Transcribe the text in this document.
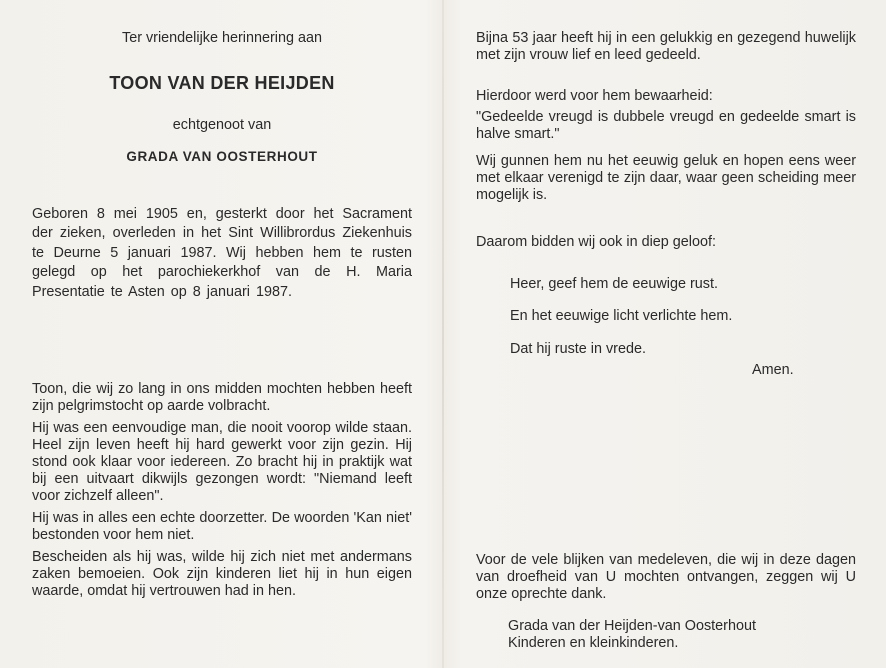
Ter vriendelijke herinnering aan
TOON VAN DER HEIJDEN
echtgenoot van
GRADA VAN OOSTERHOUT
Geboren 8 mei 1905 en, gesterkt door het Sacrament der zieken, overleden in het Sint Willibrordus Ziekenhuis te Deurne 5 januari 1987. Wij hebben hem te rusten gelegd op het parochiekerkhof van de H. Maria Presentatie te Asten op 8 januari 1987.

Toon, die wij zo lang in ons midden mochten hebben heeft zijn pelgrimstocht op aarde volbracht.

Hij was een eenvoudige man, die nooit voorop wilde staan. Heel zijn leven heeft hij hard gewerkt voor zijn gezin. Hij stond ook klaar voor iedereen. Zo bracht hij in praktijk wat bij een uitvaart dikwijls gezongen wordt: "Niemand leeft voor zichzelf alleen".

Hij was in alles een echte doorzetter. De woorden 'Kan niet' bestonden voor hem niet.

Bescheiden als hij was, wilde hij zich niet met andermans zaken bemoeien. Ook zijn kinderen liet hij in hun eigen waarde, omdat hij vertrouwen had in hen.

Bijna 53 jaar heeft hij in een gelukkig en gezegend huwelijk met zijn vrouw lief en leed gedeeld.

Hierdoor werd voor hem bewaarheid:

"Gedeelde vreugd is dubbele vreugd en gedeelde smart is halve smart."

Wij gunnen hem nu het eeuwig geluk en hopen eens weer met elkaar verenigd te zijn daar, waar geen scheiding meer mogelijk is.

Daarom bidden wij ook in diep geloof:

Heer, geef hem de eeuwige rust.
En het eeuwige licht verlichte hem.
Dat hij ruste in vrede.
Amen.

Voor de vele blijken van medeleven, die wij in deze dagen van droefheid van U mochten ontvangen, zeggen wij U onze oprechte dank.

Grada van der Heijden-van Oosterhout
Kinderen en kleinkinderen.
